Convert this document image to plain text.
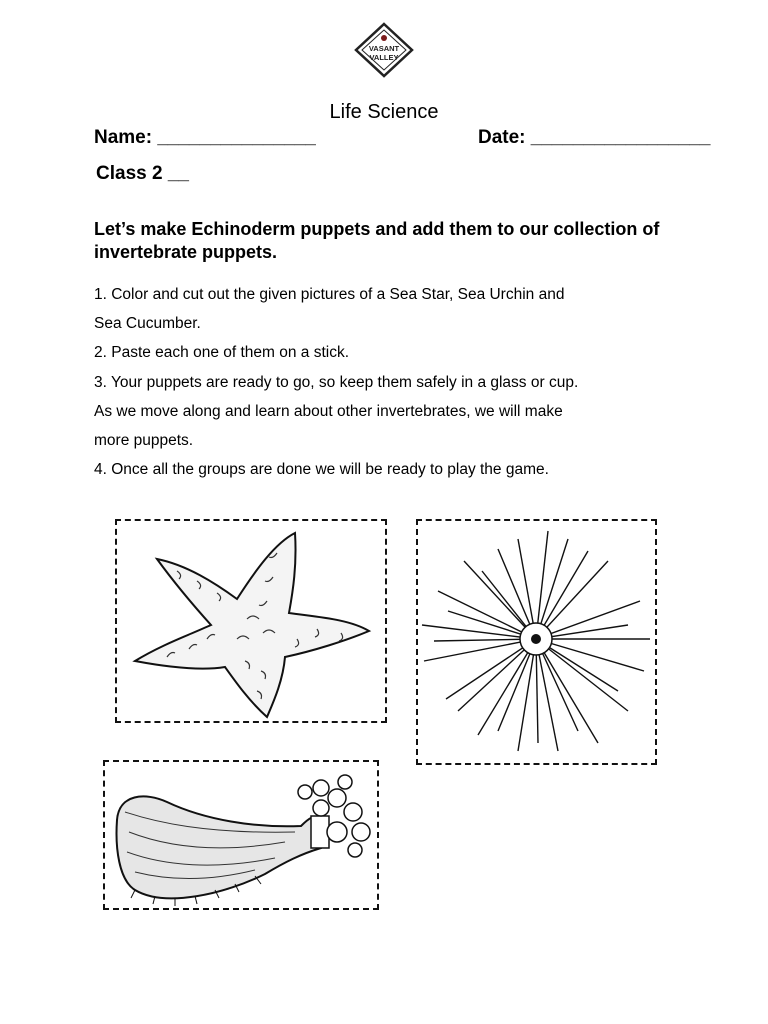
VASANT
VALLEY
Life Science
Name: _______________	Date: _________________
Class 2 __
Let’s make Echinoderm puppets and add them to our collection of invertebrate puppets.
1. Color and cut out the given pictures of a Sea Star, Sea Urchin and
Sea Cucumber.
2. Paste each one of them on a stick.
3. Your puppets are ready to go, so keep them safely in a glass or cup.
As we move along and learn about other invertebrates, we will make
more puppets.
4. Once all the groups are done we will be ready to play the game.
